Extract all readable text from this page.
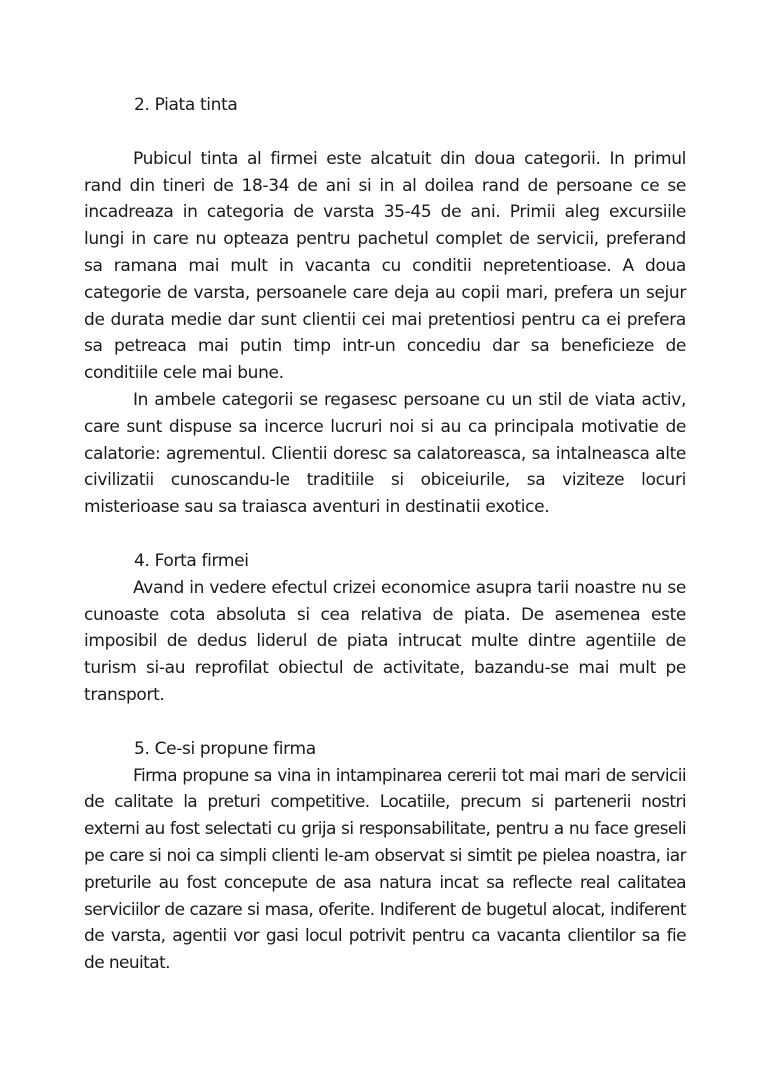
2. Piata tinta

Pubicul tinta al firmei este alcatuit din doua categorii. In primul rand din tineri de 18-34 de ani si in al doilea rand de persoane ce se incadreaza in categoria de varsta 35-45 de ani. Primii aleg excursiile lungi in care nu opteaza pentru pachetul complet de servicii, preferand sa ramana mai mult in vacanta cu conditii nepretentioase. A doua categorie de varsta, persoanele care deja au copii mari, prefera un sejur de durata medie dar sunt clientii cei mai pretentiosi pentru ca ei prefera sa petreaca mai putin timp intr-un concediu dar sa beneficieze de conditiile cele mai bune.

In ambele categorii se regasesc persoane cu un stil de viata activ, care sunt dispuse sa incerce lucruri noi si au ca principala motivatie de calatorie: agrementul. Clientii doresc sa calatoreasca, sa intalneasca alte civilizatii cunoscandu-le traditiile si obiceiurile, sa viziteze locuri misterioase sau sa traiasca aventuri in destinatii exotice.

4. Forta firmei

Avand in vedere efectul crizei economice asupra tarii noastre nu se cunoaste cota absoluta si cea relativa de piata. De asemenea este imposibil de dedus liderul de piata intrucat multe dintre agentiile de turism si-au reprofilat obiectul de activitate, bazandu-se mai mult pe transport.

5. Ce-si propune firma

Firma propune sa vina in intampinarea cererii tot mai mari de servicii de calitate la preturi competitive. Locatiile, precum si partenerii nostri externi au fost selectati cu grija si responsabilitate, pentru a nu face greseli pe care si noi ca simpli clienti le-am observat si simtit pe pielea noastra, iar preturile au fost concepute de asa natura incat sa reflecte real calitatea serviciilor de cazare si masa, oferite. Indiferent de bugetul alocat, indiferent de varsta, agentii vor gasi locul potrivit pentru ca vacanta clientilor sa fie de neuitat.
